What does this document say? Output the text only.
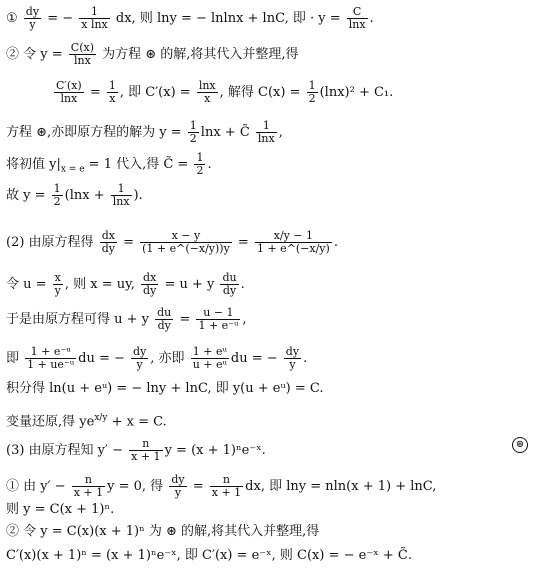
① $\frac{dy}{y}$ = − $\frac{1}{\text{x lnx}}$ dx, 则 lny = − lnlnx + lnC, 即 · $y = \frac{C}{\ln x}$ .
② 令 $y = \frac{C(x)}{\ln x}$ 为方程 ⊛ 的解,将其代入并整理,得
$\frac{C'(x)}{\ln x} = \frac{1}{x}$ , 即 $C'(x) = \frac{\ln x}{x}$ , 解得 $C(x) = \frac{1}{2} (\ln x)^2 + C_1$.
方程 ⊛,亦即原方程的解为 $y = \frac{1}{2}$ lnx + C̃ $\frac{1}{\ln x}$ ,
将初值 $y|_{x = e} = 1$ 代入,得 C̃ = $\frac{1}{2}$ .
故 $y = \frac{1}{2} (\ln x + \frac{1}{\ln x}$ ).
(2) 由原方程得 $\frac{dx}{dy} = \frac{x - y}{(1 + e\^{}(-x/y))y} = \frac{x/y - 1}{1 + e\^{}(-x/y)}$ .
令 $u = \frac{x}{y}$ , 则 x = uy, $\frac{dx}{dy} = u + y \frac{du}{dy}$ .
于是由原方程可得 u + y $\frac{du}{dy} = \frac{u - 1}{\text{1 + e⁻ᵘ}}$ ,
即 $\frac{\text{1 + e⁻ᵘ}}{\text{1 + ue⁻ᵘ}}$ du = − $\frac{dy}{y}$ , 亦即 $\frac{\text{1 + eᵘ}}{\text{u + eᵘ}}$ du = − $\frac{dy}{y}$ .
积分得 ln(u + eᵘ) = − lny + lnC, 即 y(u + eᵘ) = C.
变量还原,得 $ye^{x/y} + x = C$.
(3) 由原方程知 $y' - \frac{n}{x + 1}$ y = (x + 1)ⁿe⁻ˣ.	⊛
① 由 $y' - \frac{n}{x + 1}$ y = 0, 得 $\frac{dy}{y} = \frac{n}{x + 1}$ dx, 即 lny = nln(x + 1) + lnC,
则 y = C(x + 1)ⁿ.
② 令 y = C(x)(x + 1)ⁿ 为 ⊛ 的解,将其代入并整理,得
C′(x)(x + 1)ⁿ = (x + 1)ⁿe⁻ˣ, 即 C′(x) = e⁻ˣ, 则 C(x) = − e⁻ˣ + C̃.
